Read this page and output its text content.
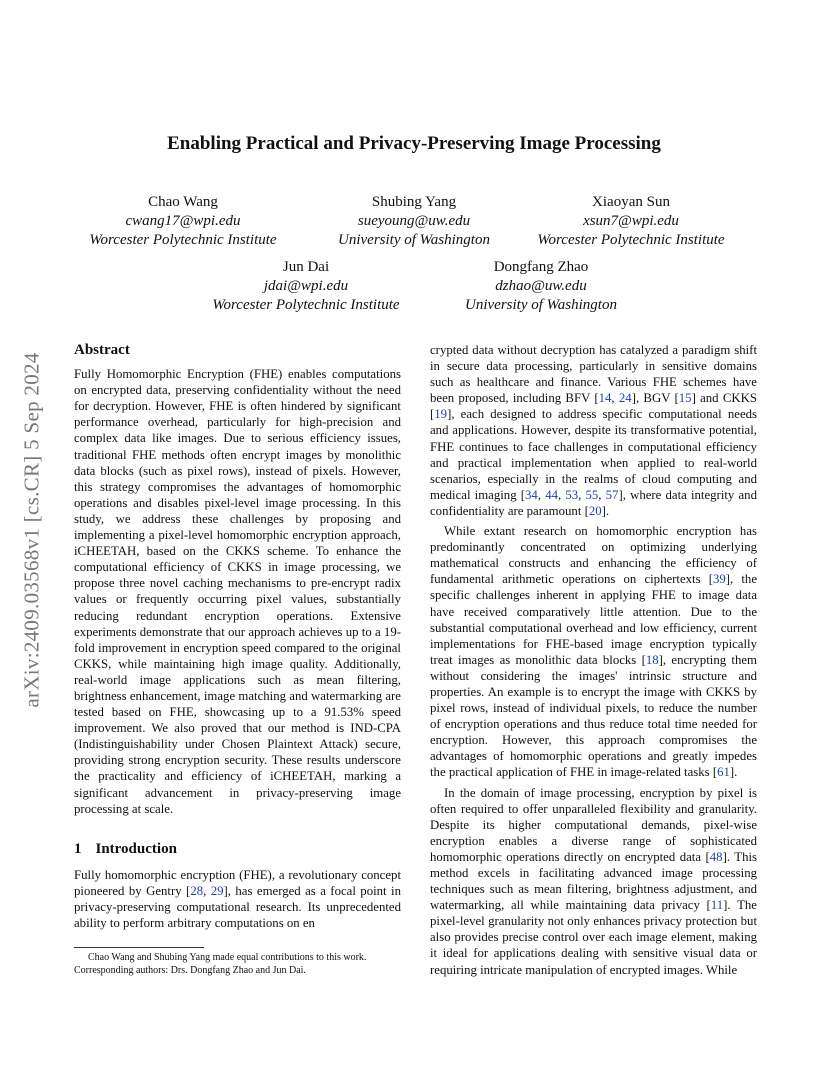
arXiv:2409.03568v1 [cs.CR] 5 Sep 2024
Enabling Practical and Privacy-Preserving Image Processing
Chao Wang
cwang17@wpi.edu
Worcester Polytechnic Institute
Shubing Yang
sueyoung@uw.edu
University of Washington
Xiaoyan Sun
xsun7@wpi.edu
Worcester Polytechnic Institute
Jun Dai
jdai@wpi.edu
Worcester Polytechnic Institute
Dongfang Zhao
dzhao@uw.edu
University of Washington
Abstract

Fully Homomorphic Encryption (FHE) enables computations on encrypted data, preserving confidentiality without the need for decryption. However, FHE is often hindered by significant performance overhead, particularly for high-precision and complex data like images. Due to serious efficiency issues, traditional FHE methods often encrypt images by monolithic data blocks (such as pixel rows), instead of pixels. However, this strategy compromises the advantages of homomorphic operations and disables pixel-level image processing. In this study, we address these challenges by proposing and implementing a pixel-level homomorphic encryption approach, iCHEETAH, based on the CKKS scheme. To enhance the computational efficiency of CKKS in image processing, we propose three novel caching mechanisms to pre-encrypt radix values or frequently occurring pixel values, substantially reducing redundant encryption operations. Extensive experiments demonstrate that our approach achieves up to a 19-fold improvement in encryption speed compared to the original CKKS, while maintaining high image quality. Additionally, real-world image applications such as mean filtering, brightness enhancement, image matching and watermarking are tested based on FHE, showcasing up to a 91.53% speed improvement. We also proved that our method is IND-CPA (Indistinguishability under Chosen Plaintext Attack) secure, providing strong encryption security. These results underscore the practicality and efficiency of iCHEETAH, marking a significant advancement in privacy-preserving image processing at scale.

1 Introduction

Fully homomorphic encryption (FHE), a revolutionary concept pioneered by Gentry [28, 29], has emerged as a focal point in privacy-preserving computational research. Its unprecedented ability to perform arbitrary computations on en

crypted data without decryption has catalyzed a paradigm shift in secure data processing, particularly in sensitive domains such as healthcare and finance. Various FHE schemes have been proposed, including BFV [14, 24], BGV [15] and CKKS [19], each designed to address specific computational needs and applications. However, despite its transformative potential, FHE continues to face challenges in computational efficiency and practical implementation when applied to real-world scenarios, especially in the realms of cloud computing and medical imaging [34, 44, 53, 55, 57], where data integrity and confidentiality are paramount [20].

While extant research on homomorphic encryption has predominantly concentrated on optimizing underlying mathematical constructs and enhancing the efficiency of fundamental arithmetic operations on ciphertexts [39], the specific challenges inherent in applying FHE to image data have received comparatively little attention. Due to the substantial computational overhead and low efficiency, current implementations for FHE-based image encryption typically treat images as monolithic data blocks [18], encrypting them without considering the images' intrinsic structure and properties. An example is to encrypt the image with CKKS by pixel rows, instead of individual pixels, to reduce the number of encryption operations and thus reduce total time needed for encryption. However, this approach compromises the advantages of homomorphic operations and greatly impedes the practical application of FHE in image-related tasks [61].

In the domain of image processing, encryption by pixel is often required to offer unparalleled flexibility and granularity. Despite its higher computational demands, pixel-wise encryption enables a diverse range of sophisticated homomorphic operations directly on encrypted data [48]. This method excels in facilitating advanced image processing techniques such as mean filtering, brightness adjustment, and watermarking, all while maintaining data privacy [11]. The pixel-level granularity not only enhances privacy protection but also provides precise control over each image element, making it ideal for applications dealing with sensitive visual data or requiring intricate manipulation of encrypted images. While

Chao Wang and Shubing Yang made equal contributions to this work.

Corresponding authors: Drs. Dongfang Zhao and Jun Dai.
